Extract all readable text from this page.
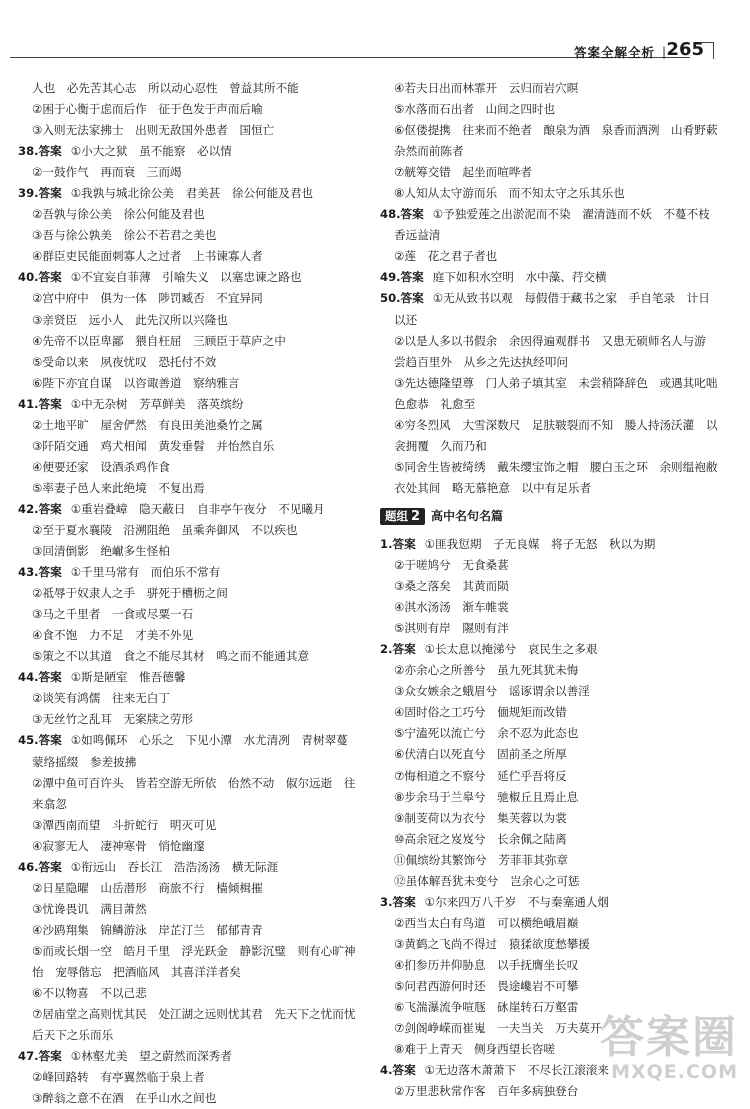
答案全解全析 | 265
人也　必先苦其心志　所以动心忍性　曾益其所不能
②困于心衡于虑而后作　征于色发于声而后喻
③入则无法家拂士　出则无敌国外患者　国恒亡
38.答案 ①小大之狱　虽不能察　必以情
②一鼓作气　再而衰　三而竭
39.答案 ①我孰与城北徐公美　君美甚　徐公何能及君也
②吾孰与徐公美　徐公何能及君也
③吾与徐公孰美　徐公不若君之美也
④群臣吏民能面刺寡人之过者　上书谏寡人者
40.答案 ①不宜妄自菲薄　引喻失义　以塞忠谏之路也
②宫中府中　俱为一体　陟罚臧否　不宜异同
③亲贤臣　远小人　此先汉所以兴隆也
④先帝不以臣卑鄙　猥自枉屈　三顾臣于草庐之中
⑤受命以来　夙夜忧叹　恐托付不效
⑥陛下亦宜自谋　以咨诹善道　察纳雅言
41.答案 ①中无杂树　芳草鲜美　落英缤纷
②土地平旷　屋舍俨然　有良田美池桑竹之属
③阡陌交通　鸡犬相闻　黄发垂髫　并怡然自乐
④便要还家　设酒杀鸡作食
⑤率妻子邑人来此绝境　不复出焉
42.答案 ①重岩叠嶂　隐天蔽日　自非亭午夜分　不见曦月
②至于夏水襄陵　沿溯阻绝　虽乘奔御风　不以疾也
③回清倒影　绝𪩘多生怪柏
43.答案 ①千里马常有　而伯乐不常有
②祗辱于奴隶人之手　骈死于槽枥之间
③马之千里者　一食或尽粟一石
④食不饱　力不足　才美不外见
⑤策之不以其道　食之不能尽其材　鸣之而不能通其意
44.答案 ①斯是陋室　惟吾德馨
②谈笑有鸿儒　往来无白丁
③无丝竹之乱耳　无案牍之劳形
45.答案 ①如鸣佩环　心乐之　下见小潭　水尤清冽　青树翠蔓
蒙络摇缀　参差披拂
②潭中鱼可百许头　皆若空游无所依　佁然不动　俶尔远逝　往
来翕忽
③潭西南而望　斗折蛇行　明灭可见
④寂寥无人　凄神寒骨　悄怆幽邃
46.答案 ①衔远山　吞长江　浩浩汤汤　横无际涯
②日星隐曜　山岳潜形　商旅不行　樯倾楫摧
③忧谗畏讥　满目萧然
④沙鸥翔集　锦鳞游泳　岸芷汀兰　郁郁青青
⑤而或长烟一空　皓月千里　浮光跃金　静影沉璧　则有心旷神
怡　宠辱偕忘　把酒临风　其喜洋洋者矣
⑥不以物喜　不以己悲
⑦居庙堂之高则忧其民　处江湖之远则忧其君　先天下之忧而忧
后天下之乐而乐
47.答案 ①林壑尤美　望之蔚然而深秀者
②峰回路转　有亭翼然临于泉上者
③醉翁之意不在酒　在乎山水之间也
④若夫日出而林霏开　云归而岩穴暝
⑤水落而石出者　山间之四时也
⑥伛偻提携　往来而不绝者　酿泉为酒　泉香而酒洌　山肴野蔌
杂然而前陈者
⑦觥筹交错　起坐而喧哗者
⑧人知从太守游而乐　而不知太守之乐其乐也
48.答案 ①予独爱莲之出淤泥而不染　濯清涟而不妖　不蔓不枝
香远益清
②莲　花之君子者也
49.答案 庭下如积水空明　水中藻、荇交横
50.答案 ①无从致书以观　每假借于藏书之家　手自笔录　计日
以还
②以是人多以书假余　余因得遍观群书　又患无硕师名人与游
尝趋百里外　从乡之先达执经叩问
③先达德隆望尊　门人弟子填其室　未尝稍降辞色　或遇其叱咄
色愈恭　礼愈至
④穷冬烈风　大雪深数尺　足肤皲裂而不知　媵人持汤沃灌　以
衾拥覆　久而乃和
⑤同舍生皆被绮绣　戴朱缨宝饰之帽　腰白玉之环　余则缊袍敝
衣处其间　略无慕艳意　以中有足乐者
题组 2 高中名句名篇
1.答案 ①匪我愆期　子无良媒　将子无怒　秋以为期
②于嗟鸠兮　无食桑葚
③桑之落矣　其黄而陨
④淇水汤汤　渐车帷裳
⑤淇则有岸　隰则有泮
2.答案 ①长太息以掩涕兮　哀民生之多艰
②亦余心之所善兮　虽九死其犹未悔
③众女嫉余之蛾眉兮　谣诼谓余以善淫
④固时俗之工巧兮　偭规矩而改错
⑤宁溘死以流亡兮　余不忍为此态也
⑥伏清白以死直兮　固前圣之所厚
⑦悔相道之不察兮　延伫乎吾将反
⑧步余马于兰皋兮　驰椒丘且焉止息
⑨制芰荷以为衣兮　集芙蓉以为裳
⑩高余冠之岌岌兮　长余佩之陆离
⑪佩缤纷其繁饰兮　芳菲菲其弥章
⑫虽体解吾犹未变兮　岂余心之可惩
3.答案 ①尔来四万八千岁　不与秦塞通人烟
②西当太白有鸟道　可以横绝峨眉巅
③黄鹤之飞尚不得过　猿猱欲度愁攀援
④扪参历井仰胁息　以手抚膺坐长叹
⑤问君西游何时还　畏途巉岩不可攀
⑥飞湍瀑流争喧豗　砯崖转石万壑雷
⑦剑阁峥嵘而崔嵬　一夫当关　万夫莫开
⑧难于上青天　侧身西望长咨嗟
4.答案 ①无边落木萧萧下　不尽长江滚滚来
②万里悲秋常作客　百年多病独登台
答案圈
MXQE.COM
